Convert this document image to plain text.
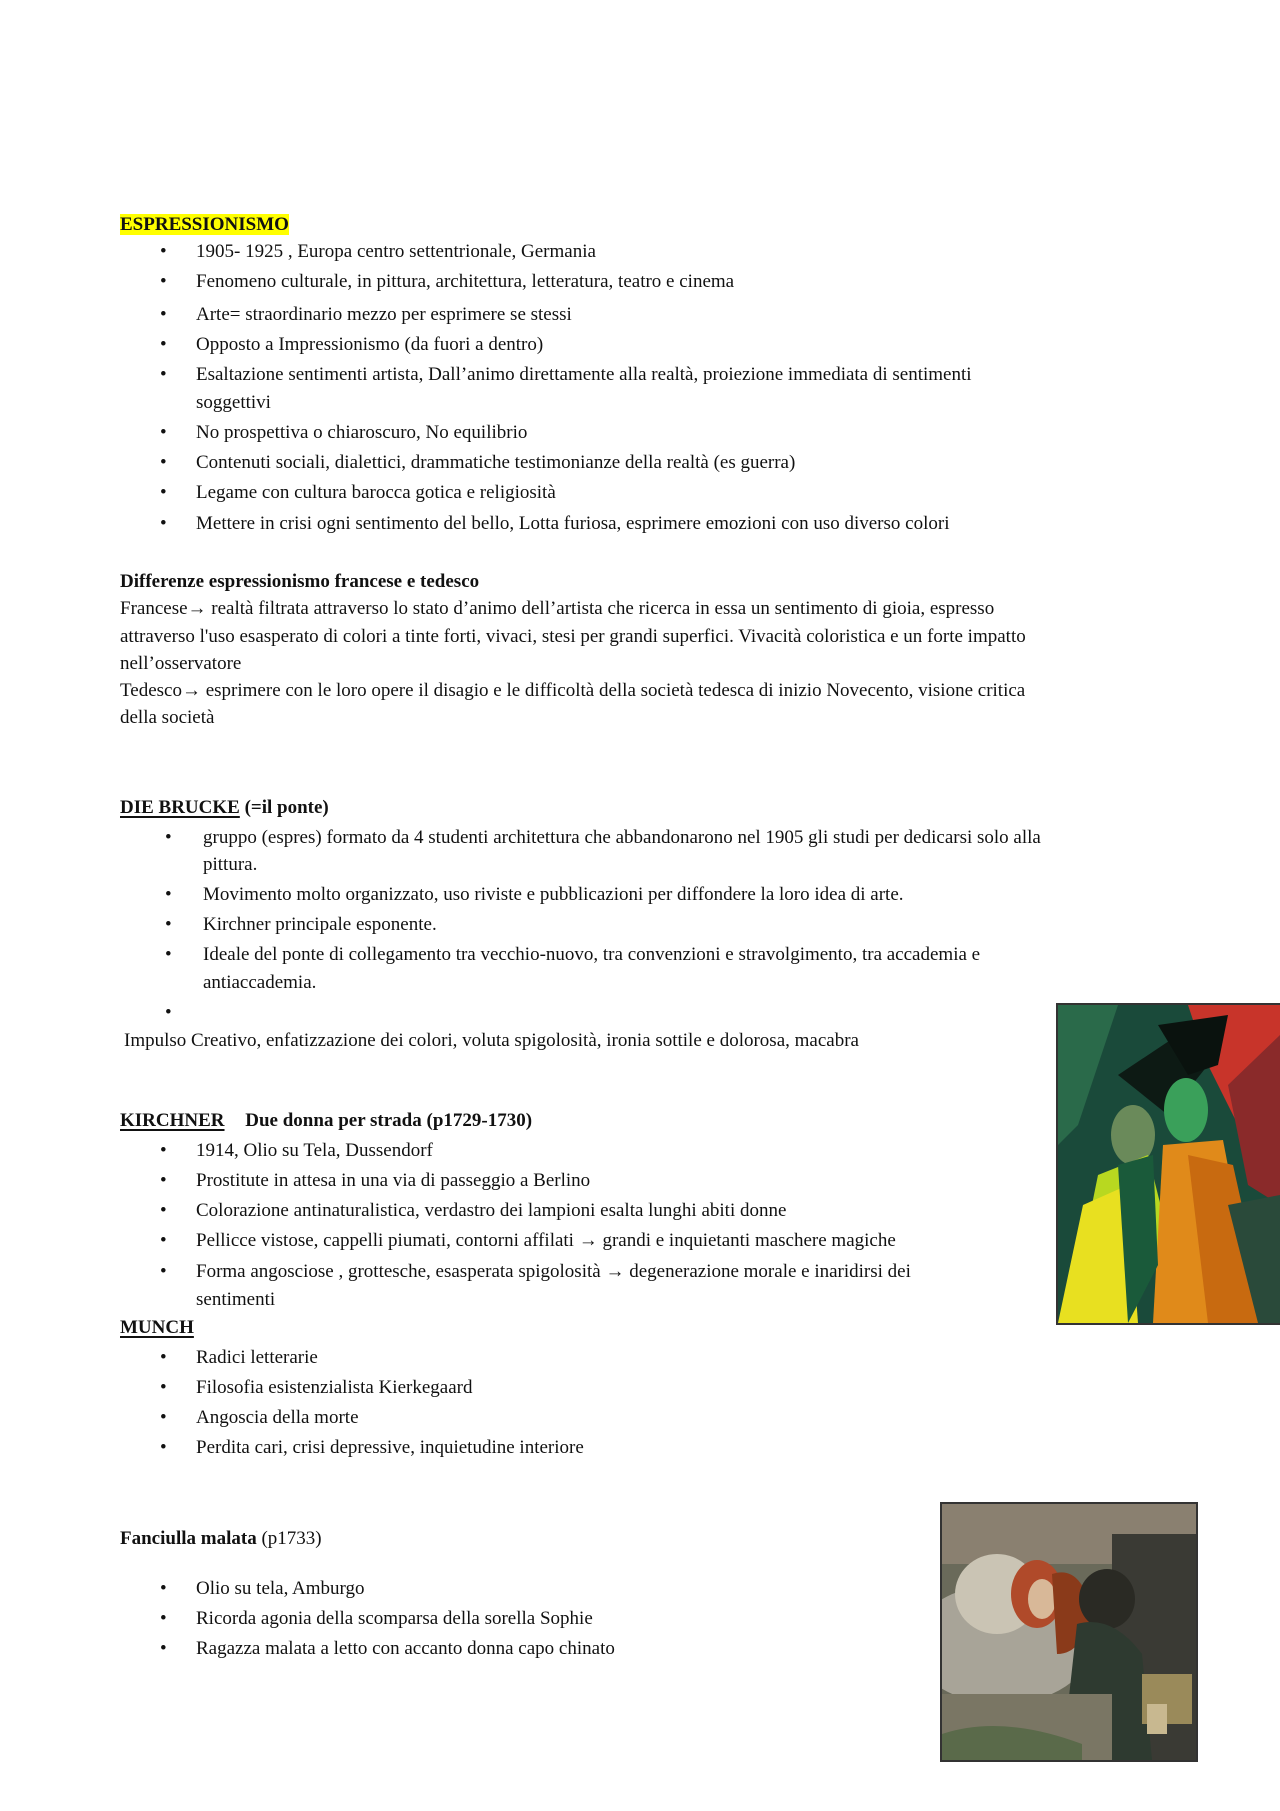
ESPRESSIONISMO
• 1905- 1925 , Europa centro settentrionale, Germania
• Fenomeno culturale, in pittura, architettura, letteratura, teatro e cinema
• Arte= straordinario mezzo per esprimere se stessi
• Opposto a Impressionismo (da fuori a dentro)
• Esaltazione sentimenti artista, Dall’animo direttamente alla realtà, proiezione immediata di sentimenti
soggettivi
• No prospettiva o chiaroscuro, No equilibrio
• Contenuti sociali, dialettici, drammatiche testimonianze della realtà (es guerra)
• Legame con cultura barocca gotica e religiosità
• Mettere in crisi ogni sentimento del bello, Lotta furiosa, esprimere emozioni con uso diverso colori
Differenze espressionismo francese e tedesco
Francese→ realtà filtrata attraverso lo stato d’animo dell’artista che ricerca in essa un sentimento di gioia, espresso
attraverso l'uso esasperato di colori a tinte forti, vivaci, stesi per grandi superfici. Vivacità coloristica e un forte impatto
nell’osservatore
Tedesco→ esprimere con le loro opere il disagio e le difficoltà della società tedesca di inizio Novecento, visione critica
della società
DIE BRUCKE (=il ponte)
• gruppo (espres) formato da 4 studenti architettura che abbandonarono nel 1905 gli studi per dedicarsi solo alla
pittura.
• Movimento molto organizzato, uso riviste e pubblicazioni per diffondere la loro idea di arte.
• Kirchner principale esponente.
• Ideale del ponte di collegamento tra vecchio-nuovo, tra convenzioni e stravolgimento, tra accademia e
antiaccademia.
•
Impulso Creativo, enfatizzazione dei colori, voluta spigolosità, ironia sottile e dolorosa, macabra
KIRCHNER Due donna per strada (p1729-1730)
• 1914, Olio su Tela, Dussendorf
• Prostitute in attesa in una via di passeggio a Berlino
• Colorazione antinaturalistica, verdastro dei lampioni esalta lunghi abiti donne
• Pellicce vistose, cappelli piumati, contorni affilati → grandi e inquietanti maschere magiche
• Forma angosciose , grottesche, esasperata spigolosità → degenerazione morale e inaridirsi dei
sentimenti
MUNCH
• Radici letterarie
• Filosofia esistenzialista Kierkegaard
• Angoscia della morte
• Perdita cari, crisi depressive, inquietudine interiore
Fanciulla malata (p1733)
• Olio su tela, Amburgo
• Ricorda agonia della scomparsa della sorella Sophie
• Ragazza malata a letto con accanto donna capo chinato
